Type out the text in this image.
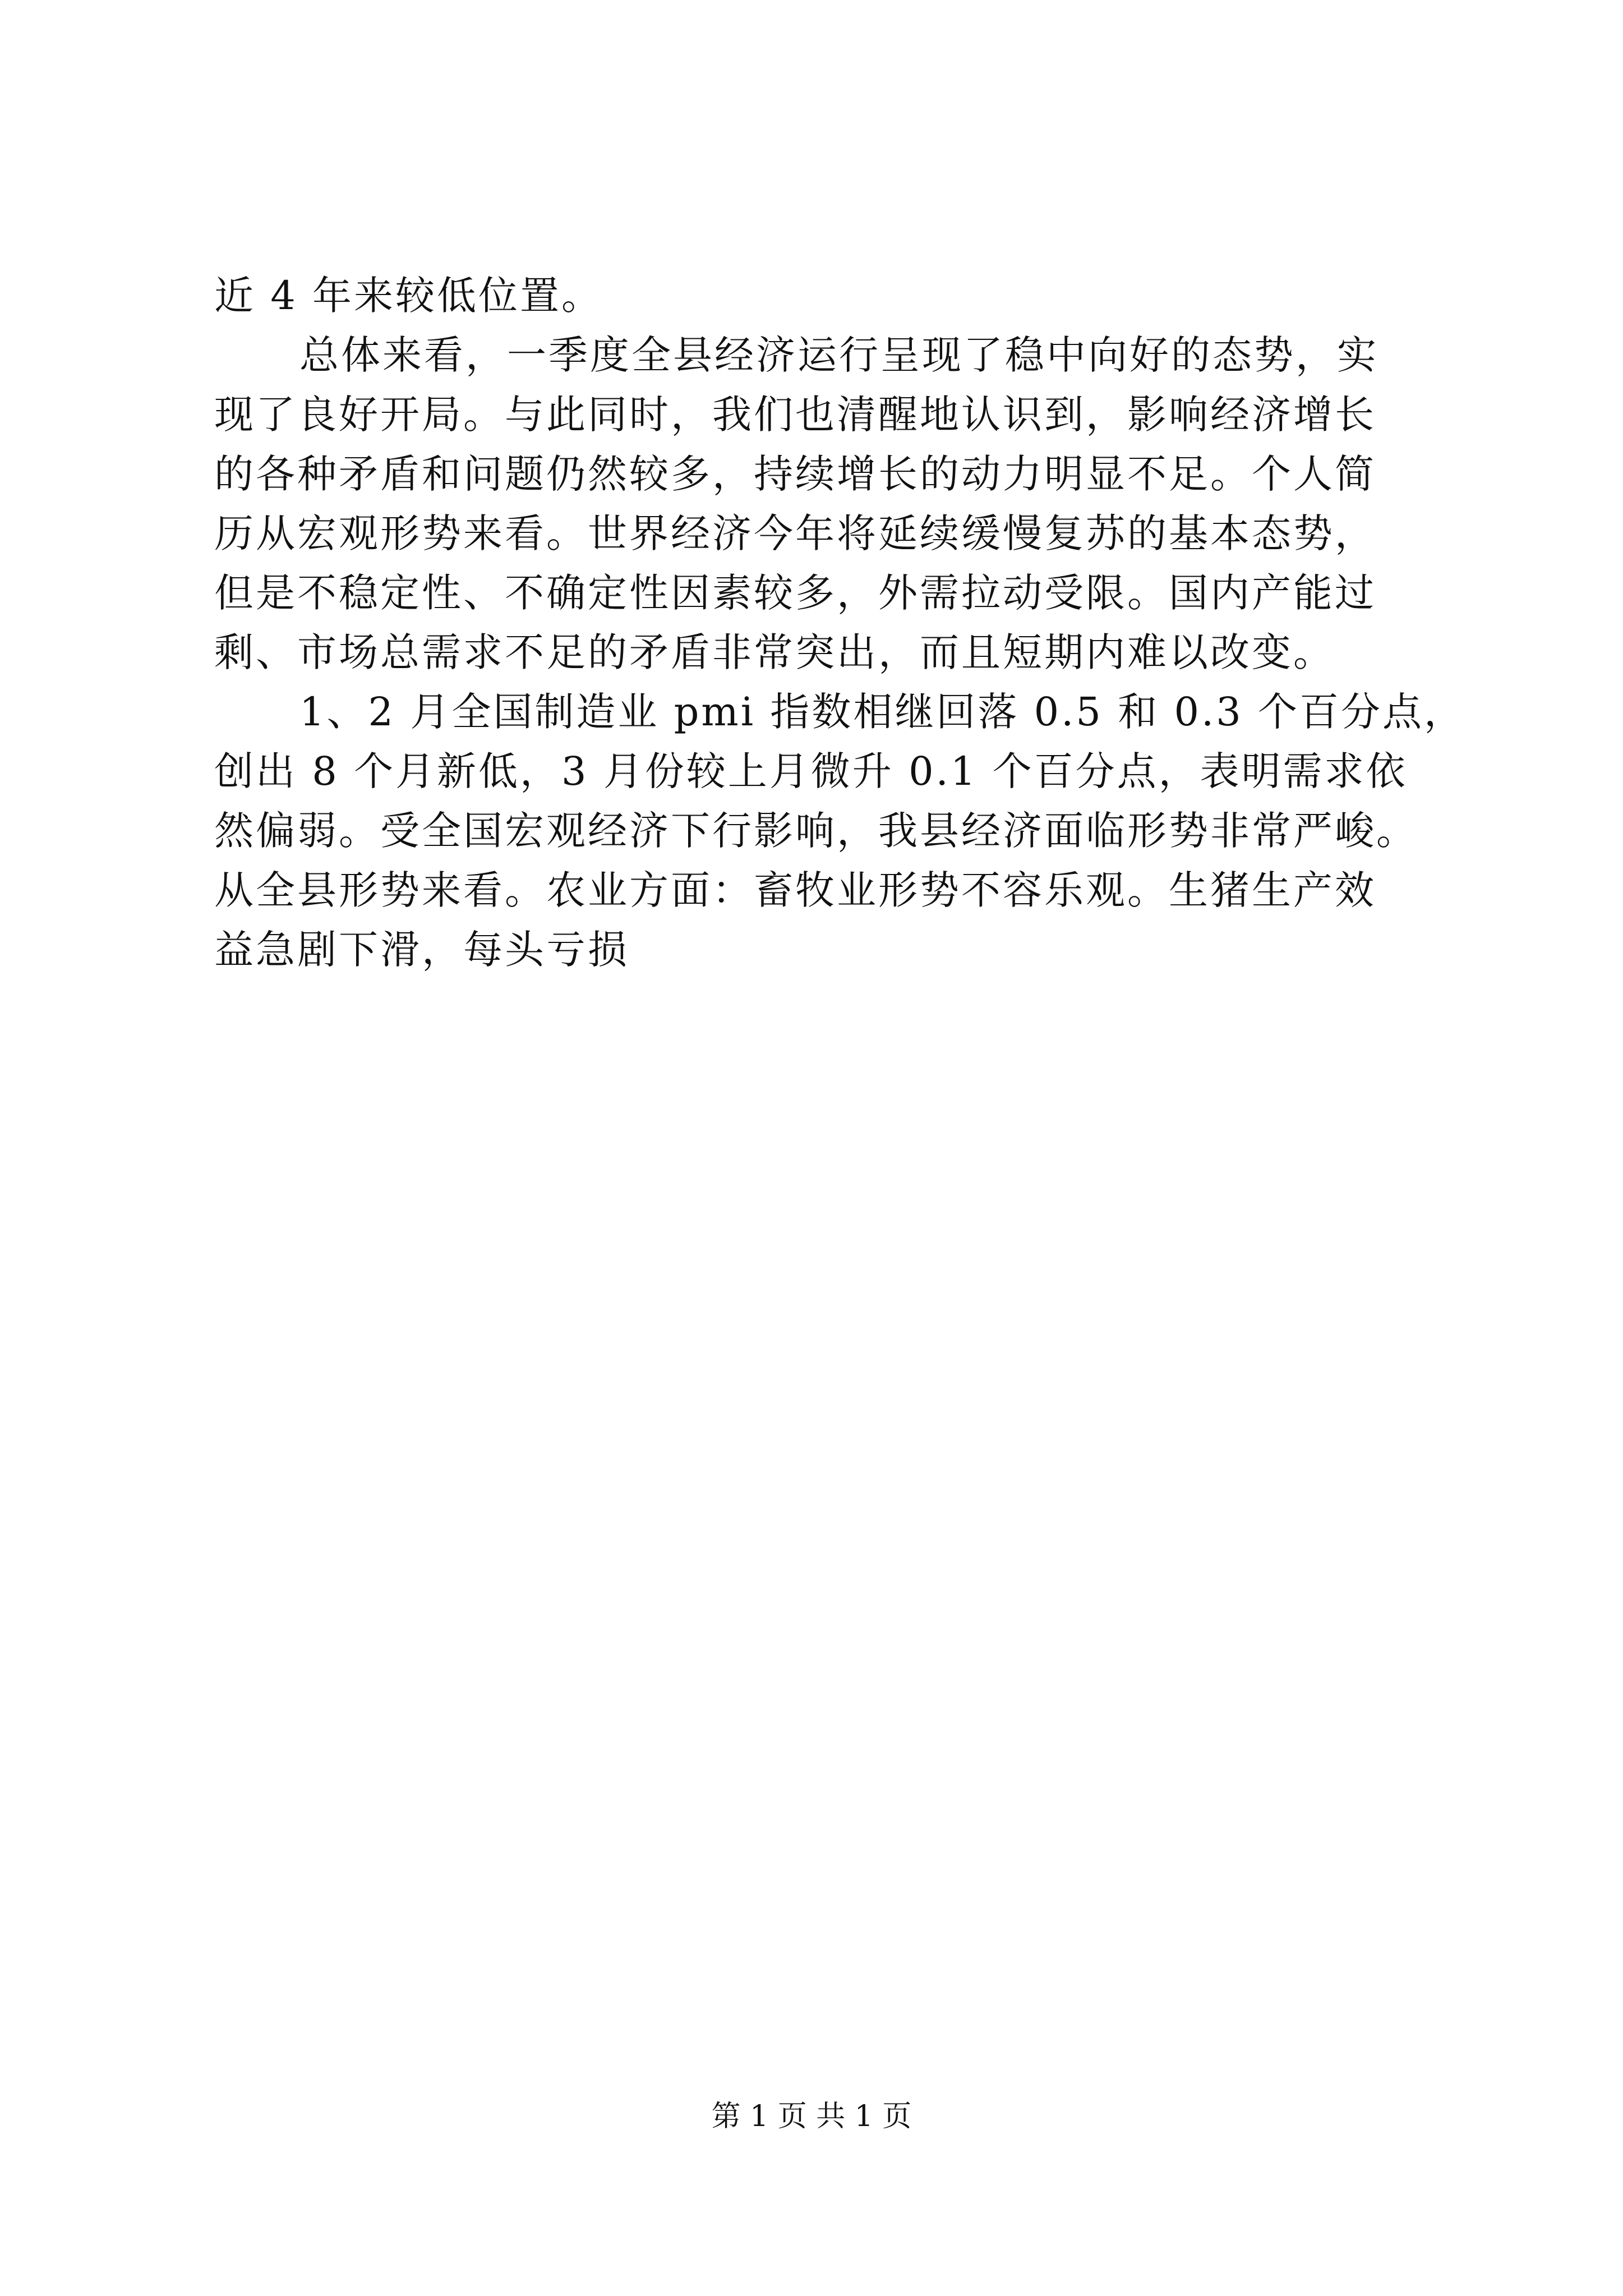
近 4 年来较低位置。

总体来看，一季度全县经济运行呈现了稳中向好的态势，实
现了良好开局。与此同时，我们也清醒地认识到，影响经济增长
的各种矛盾和问题仍然较多，持续增长的动力明显不足。个人简
历从宏观形势来看。世界经济今年将延续缓慢复苏的基本态势，
但是不稳定性、不确定性因素较多，外需拉动受限。国内产能过
剩、市场总需求不足的矛盾非常突出，而且短期内难以改变。

1、2 月全国制造业 pmi 指数相继回落 0.5 和 0.3 个百分点，
创出 8 个月新低，3 月份较上月微升 0.1 个百分点，表明需求依
然偏弱。受全国宏观经济下行影响，我县经济面临形势非常严峻。
从全县形势来看。农业方面：畜牧业形势不容乐观。生猪生产效
益急剧下滑，每头亏损

第 1 页 共 1 页
